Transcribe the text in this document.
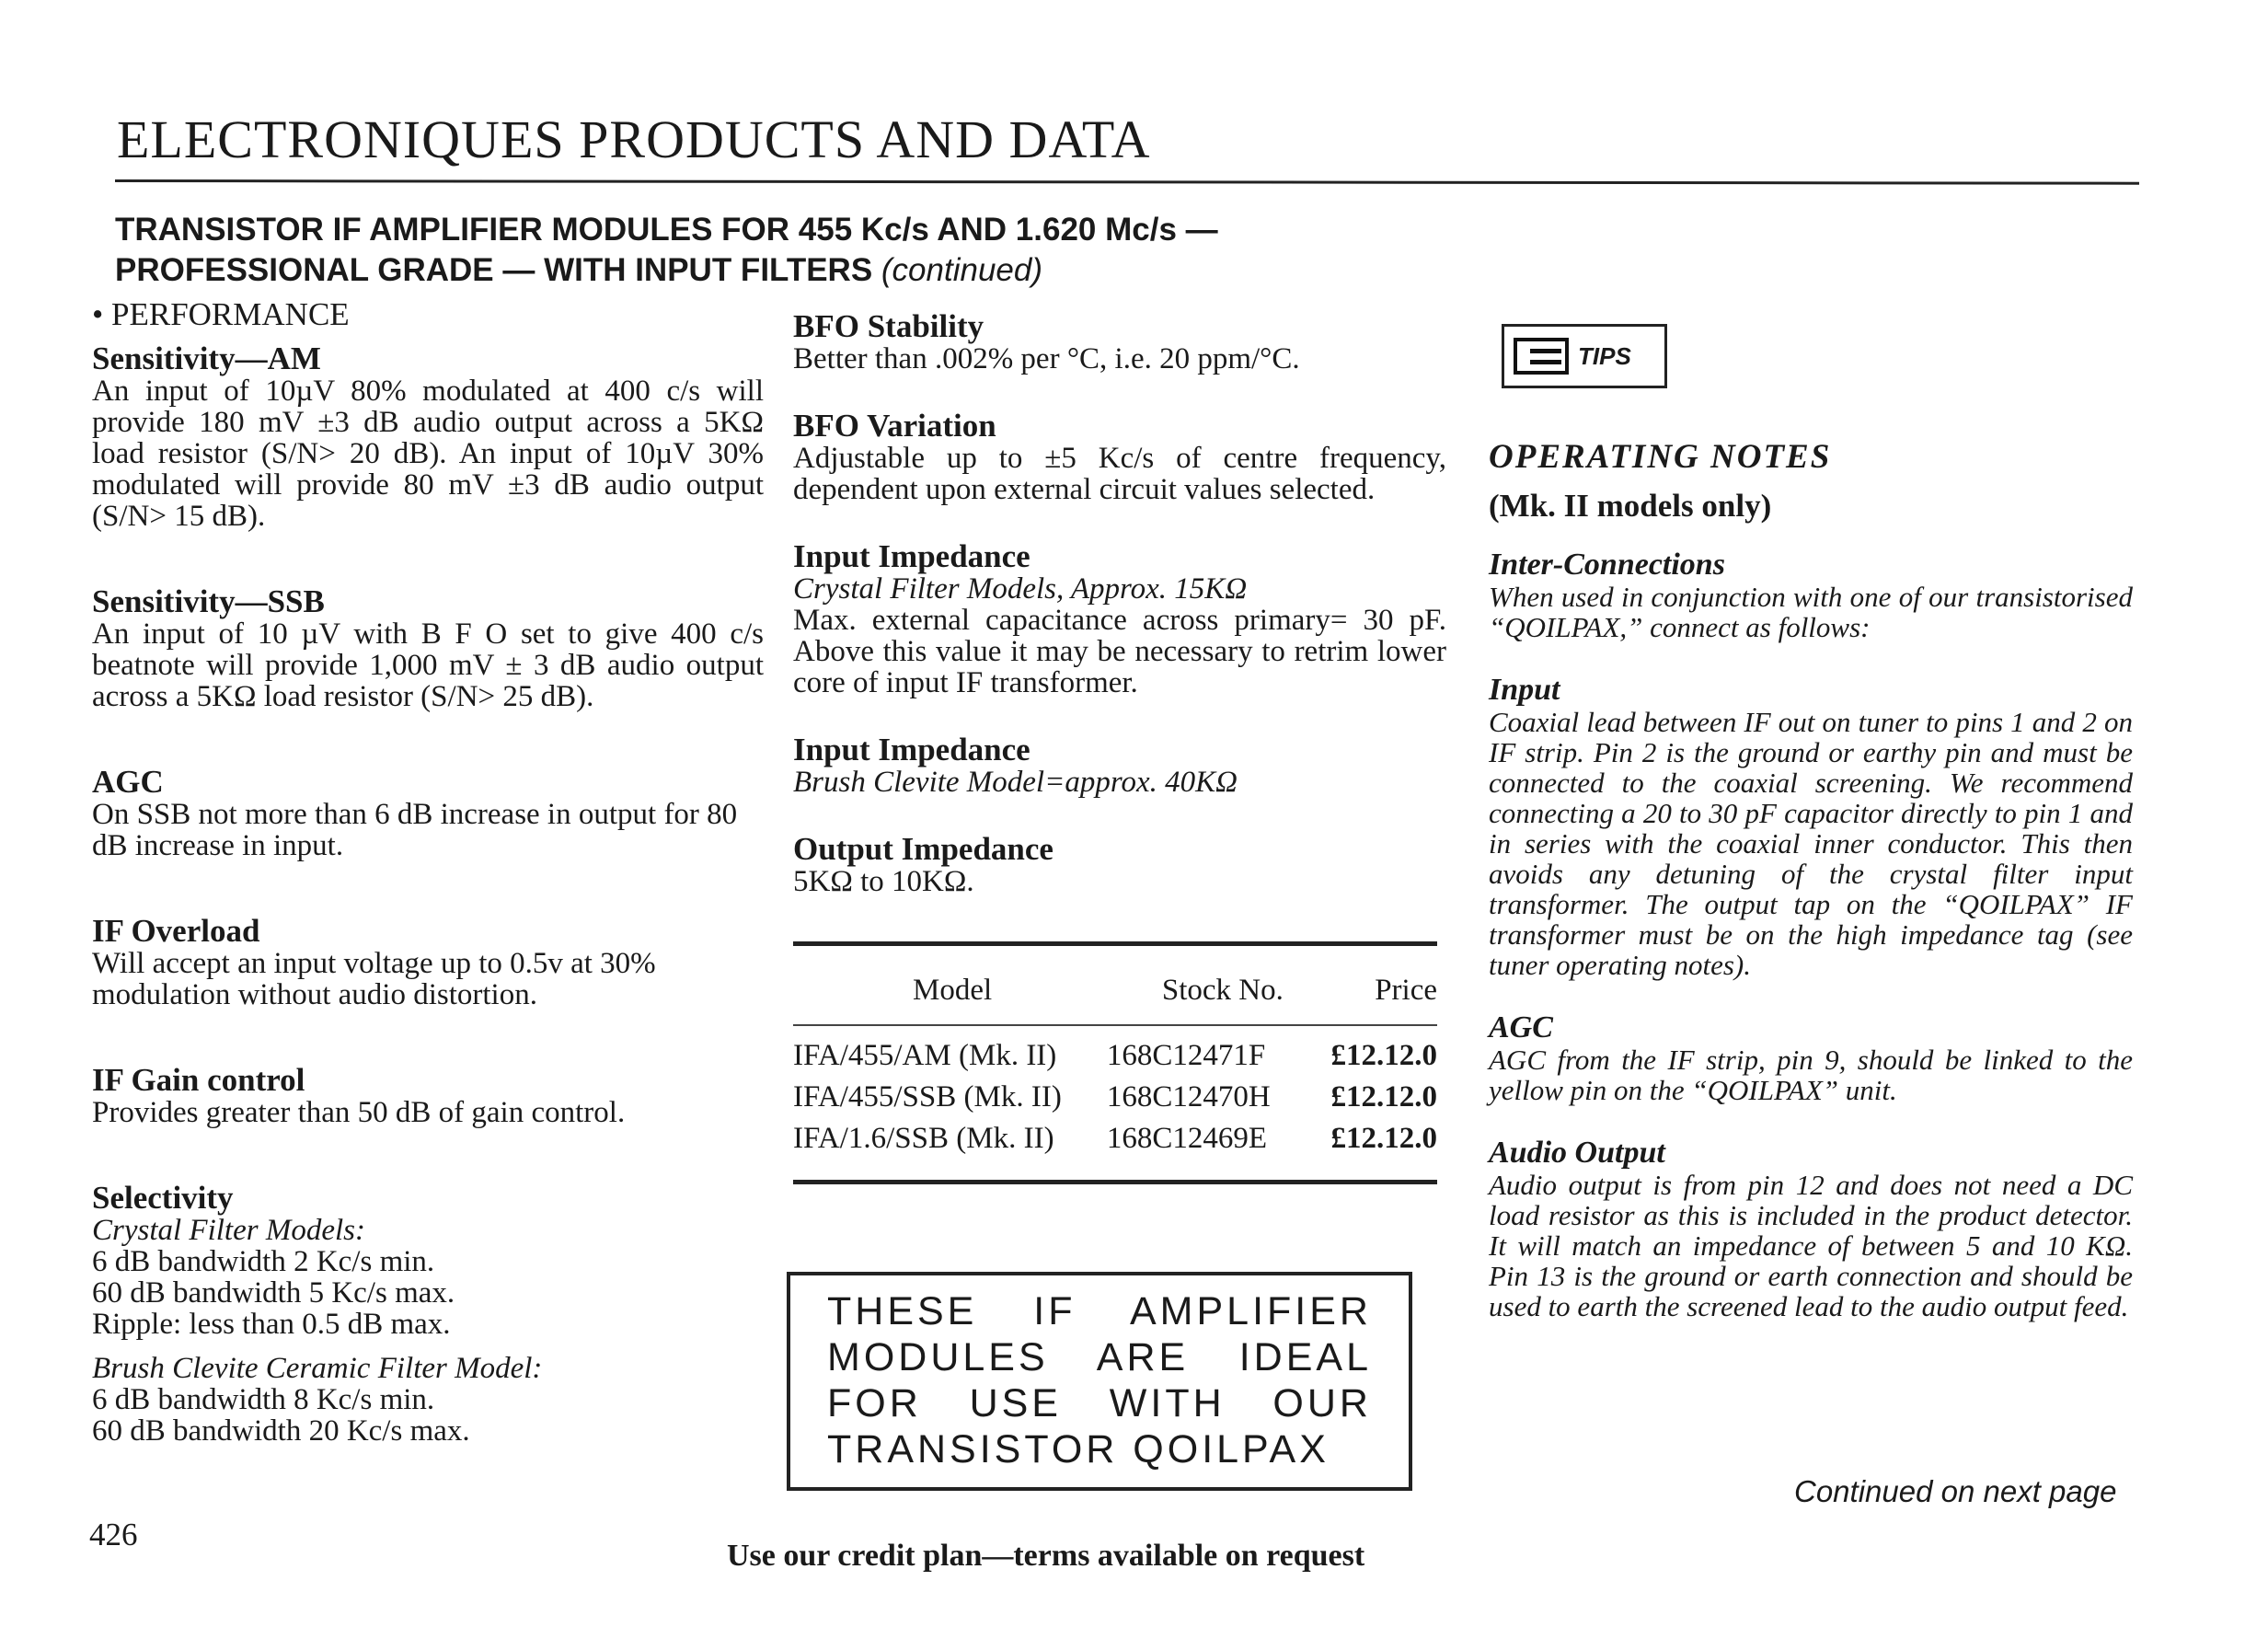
ELECTRONIQUES PRODUCTS AND DATA
TRANSISTOR IF AMPLIFIER MODULES FOR 455 Kc/s AND 1.620 Mc/s —
PROFESSIONAL GRADE — WITH INPUT FILTERS (continued)
• PERFORMANCE
Sensitivity—AM
An input of 10µV 80% modulated at 400 c/s will provide 180 mV ±3 dB audio output across a 5KΩ load resistor (S/N> 20 dB). An input of 10µV 30% modulated will provide 80 mV ±3 dB audio output (S/N> 15 dB).
Sensitivity—SSB
An input of 10 µV with B F O set to give 400 c/s beatnote will provide 1,000 mV ± 3 dB audio output across a 5KΩ load resistor (S/N> 25 dB).
AGC
On SSB not more than 6 dB increase in output for 80 dB increase in input.
IF Overload
Will accept an input voltage up to 0.5v at 30% modulation without audio distortion.
IF Gain control
Provides greater than 50 dB of gain control.
Selectivity
Crystal Filter Models:
6 dB bandwidth 2 Kc/s min.
60 dB bandwidth 5 Kc/s max.
Ripple: less than 0.5 dB max.
Brush Clevite Ceramic Filter Model:
6 dB bandwidth 8 Kc/s min.
60 dB bandwidth 20 Kc/s max.
BFO Stability
Better than .002% per °C, i.e. 20 ppm/°C.
BFO Variation
Adjustable up to ±5 Kc/s of centre frequency, dependent upon external circuit values selected.
Input Impedance
Crystal Filter Models, Approx. 15KΩ
Max. external capacitance across primary= 30 pF. Above this value it may be necessary to retrim lower core of input IF transformer.
Input Impedance
Brush Clevite Model=approx. 40KΩ
Output Impedance
5KΩ to 10KΩ.
Model	Stock No.	Price

IFA/455/AM (Mk. II)	168C12471F	£12.12.0
IFA/455/SSB (Mk. II)	168C12470H	£12.12.0
IFA/1.6/SSB (Mk. II)	168C12469E	£12.12.0
THESE IF AMPLIFIER MODULES ARE IDEAL FOR USE WITH OUR TRANSISTOR QOILPAX
TIPS
OPERATING NOTES
(Mk. II models only)
Inter-Connections
When used in conjunction with one of our transistorised “QOILPAX,” connect as follows:
Input
Coaxial lead between IF out on tuner to pins 1 and 2 on IF strip. Pin 2 is the ground or earthy pin and must be connected to the coaxial screening. We recommend connecting a 20 to 30 pF capacitor directly to pin 1 and in series with the coaxial inner conductor. This then avoids any detuning of the crystal filter input transformer. The output tap on the “QOILPAX” IF transformer must be on the high impedance tag (see tuner operating notes).
AGC
AGC from the IF strip, pin 9, should be linked to the yellow pin on the “QOILPAX” unit.
Audio Output
Audio output is from pin 12 and does not need a DC load resistor as this is included in the product detector. It will match an impedance of between 5 and 10 KΩ. Pin 13 is the ground or earth connection and should be used to earth the screened lead to the audio output feed.
Continued on next page
426
Use our credit plan—terms available on request
